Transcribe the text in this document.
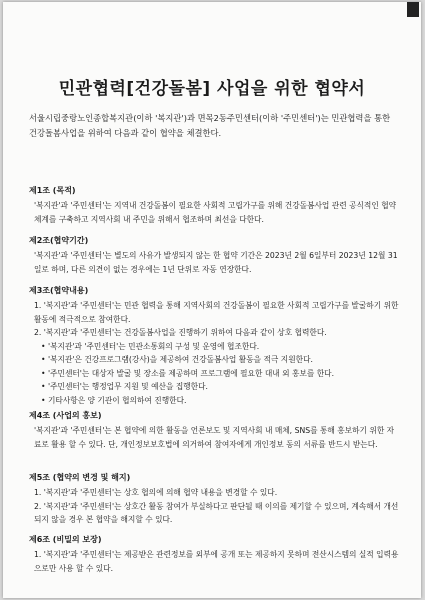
민관협력[건강돌봄] 사업을 위한 협약서
서울시립중랑노인종합복지관(이하 '복지관')과 면목2동주민센터(이하 '주민센터')는 민관협력을 통한 건강돌봄사업을 위하여 다음과 같이 협약을 체결한다.
제1조 (목적)
'복지관'과 '주민센터'는 지역내 건강돌봄이 필요한 사회적 고립가구를 위해 건강돌봄사업 관련 공식적인 협약체계를 구축하고 지역사회 내 주민을 위해서 협조하며 최선을 다한다.
제2조(협약기간)
'복지관'과 '주민센터'는 별도의 사유가 발생되지 않는 한 협약 기간은 2023년 2월 6일부터 2023년 12월 31일로 하며, 다른 의견이 없는 경우에는 1년 단위로 자동 연장한다.
제3조(협약내용)
1. '복지관'과 '주민센터'는 민관 협력을 통해 지역사회의 건강돌봄이 필요한 사회적 고립가구를 발굴하기 위한 활동에 적극적으로 참여한다.
2. '복지관'과 '주민센터'는 건강돌봄사업을 진행하기 위하여 다음과 같이 상호 협력한다.
• '복지관'과 '주민센터'는 민관소통회의 구성 및 운영에 협조한다.
• '복지관'은 건강프로그램(강사)을 제공하여 건강돌봄사업 활동을 적극 지원한다.
• '주민센터'는 대상자 발굴 및 장소를 제공하며 프로그램에 필요한 대내 외 홍보를 한다.
• '주민센터'는 행정업무 지원 및 예산을 집행한다.
• 기타사항은 양 기관이 협의하여 진행한다.
제4조 (사업의 홍보)
'복지관'과 '주민센터'는 본 협약에 의한 활동을 언론보도 및 지역사회 내 매체, SNS를 통해 홍보하기 위한 자료로 활용 할 수 있다. 단, 개인정보보호법에 의거하여 참여자에게 개인정보 동의 서류를 반드시 받는다.
제5조 (협약의 변경 및 해지)
1. '복지관'과 '주민센터'는 상호 협의에 의해 협약 내용을 변경할 수 있다.
2. '복지관'과 '주민센터'는 상호간 활동 참여가 부실하다고 판단될 때 이의를 제기할 수 있으며, 계속해서 개선되지 않을 경우 본 협약을 해지할 수 있다.
제6조 (비밀의 보장)
1. '복지관'과 '주민센터'는 제공받은 관련정보를 외부에 공개 또는 제공하지 못하며 전산시스템의 실적 입력용으로만 사용 할 수 있다.
